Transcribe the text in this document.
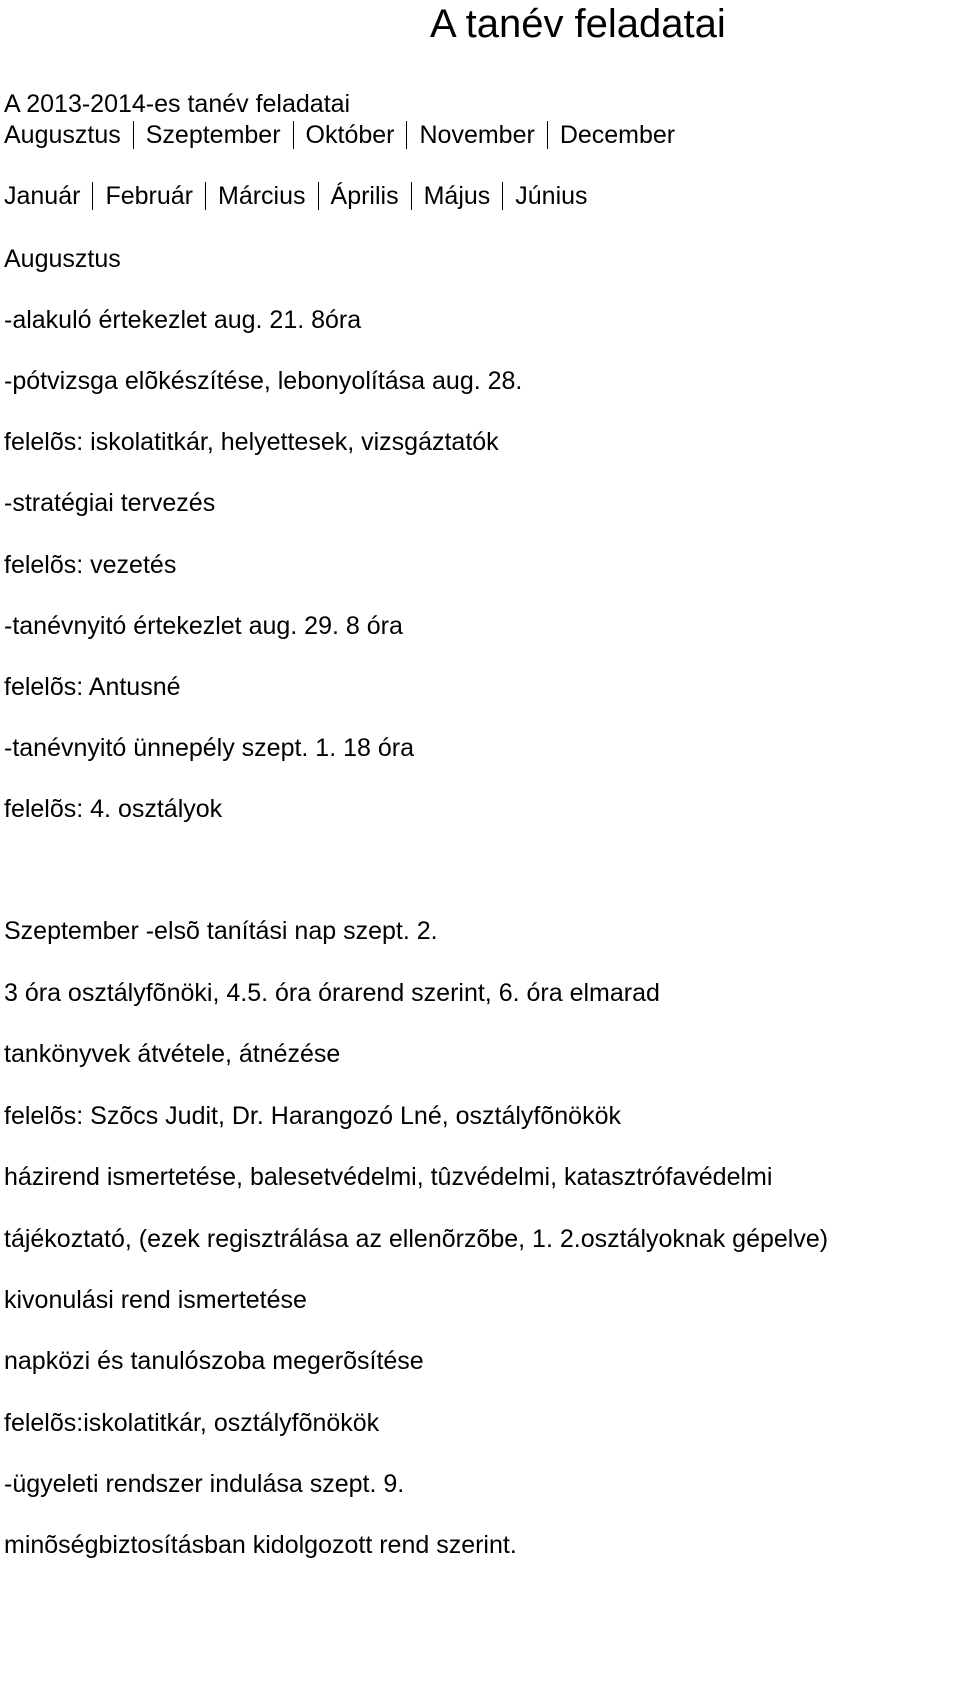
A tanév feladatai
A 2013-2014-es tanév feladatai
Augusztus Szeptember Október November December
Január Február Március Április Május Június
Augusztus
-alakuló értekezlet aug. 21. 8óra
-pótvizsga elõkészítése, lebonyolítása aug. 28.
felelõs: iskolatitkár, helyettesek, vizsgáztatók
-stratégiai tervezés
felelõs: vezetés
-tanévnyitó értekezlet aug. 29. 8 óra
felelõs: Antusné
-tanévnyitó ünnepély szept. 1. 18 óra
felelõs: 4. osztályok
Szeptember -elsõ tanítási nap szept. 2.
3 óra osztályfõnöki, 4.5. óra órarend szerint, 6. óra elmarad
tankönyvek átvétele, átnézése
felelõs: Szõcs Judit, Dr. Harangozó Lné, osztályfõnökök
házirend ismertetése, balesetvédelmi, tûzvédelmi, katasztrófavédelmi
tájékoztató, (ezek regisztrálása az ellenõrzõbe, 1. 2.osztályoknak gépelve)
kivonulási rend ismertetése
napközi és tanulószoba megerõsítése
felelõs:iskolatitkár, osztályfõnökök
-ügyeleti rendszer indulása szept. 9.
minõségbiztosításban kidolgozott rend szerint.
